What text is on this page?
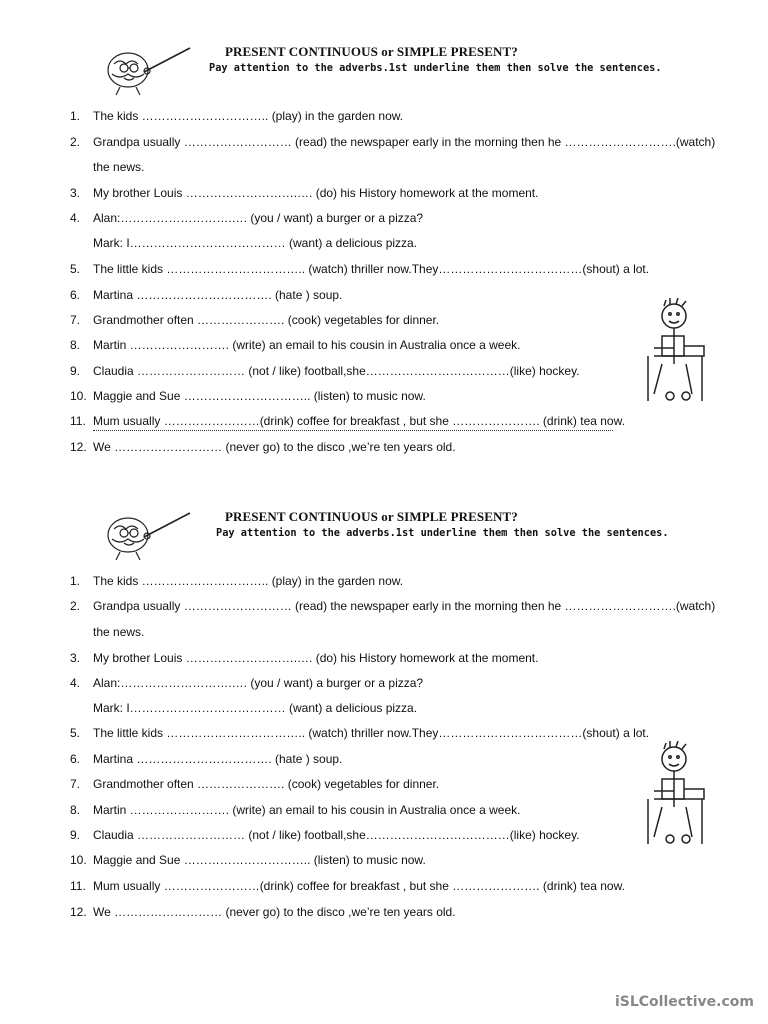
PRESENT CONTINUOUS or SIMPLE PRESENT?
Pay attention to the adverbs.1st underline them then solve the sentences.
1. The kids ………………………….. (play) in the garden now.
2. Grandpa usually ……………………… (read) the newspaper early in the morning then he ……………………….(watch)
the news.
3. My brother Louis ……………………….…. (do) his History homework at the moment.
4. Alan:……………………….…. (you / want) a burger or a pizza?
Mark: I………………………………… (want) a delicious pizza.
5. The little kids …………………………….. (watch) thriller now.They………………………………(shout) a lot.
6. Martina ……………………………. (hate ) soup.
7. Grandmother often …………………. (cook) vegetables for dinner.
8. Martin ……………………. (write) an email to his cousin in Australia once a week.
9. Claudia ……………………… (not / like) football,she………………………………(like) hockey.
10. Maggie and Sue ………………………….. (listen) to music now.
11. Mum usually ……………………(drink) coffee for breakfast , but she …………………. (drink) tea now.
12. We ……………………… (never go) to the disco ,we’re ten years old.
PRESENT CONTINUOUS or SIMPLE PRESENT?
Pay attention to the adverbs.1st underline them then solve the sentences.
1. The kids ………………………….. (play) in the garden now.
2. Grandpa usually ……………………… (read) the newspaper early in the morning then he ……………………….(watch)
the news.
3. My brother Louis ……………………….…. (do) his History homework at the moment.
4. Alan:……………………….…. (you / want) a burger or a pizza?
Mark: I………………………………… (want) a delicious pizza.
5. The little kids …………………………….. (watch) thriller now.They………………………………(shout) a lot.
6. Martina ……………………………. (hate ) soup.
7. Grandmother often …………………. (cook) vegetables for dinner.
8. Martin ……………………. (write) an email to his cousin in Australia once a week.
9. Claudia ……………………… (not / like) football,she………………………………(like) hockey.
10. Maggie and Sue ………………………….. (listen) to music now.
11. Mum usually ……………………(drink) coffee for breakfast , but she …………………. (drink) tea now.
12. We ……………………… (never go) to the disco ,we’re ten years old.
iSLCollective.com
